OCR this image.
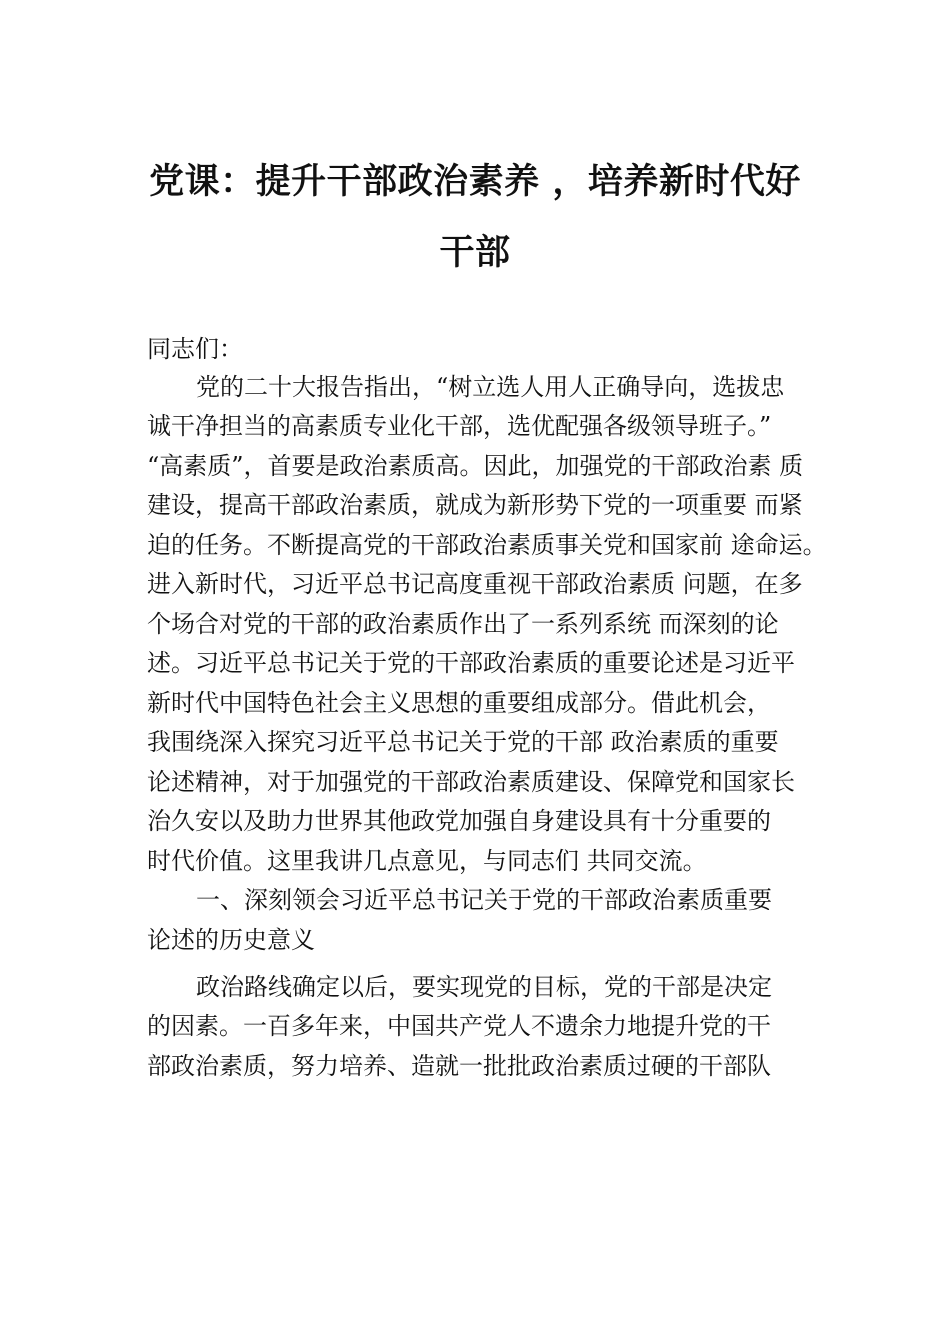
党课：提升干部政治素养 ，培养新时代好
干部
同志们：
党的二十大报告指出，“树立选人用人正确导向，选拔忠
诚干净担当的高素质专业化干部，选优配强各级领导班子。”
“高素质”，首要是政治素质高。因此，加强党的干部政治素 质
建设，提高干部政治素质，就成为新形势下党的一项重要 而紧
迫的任务。不断提高党的干部政治素质事关党和国家前 途命运。
进入新时代，习近平总书记高度重视干部政治素质 问题，在多
个场合对党的干部的政治素质作出了一系列系统 而深刻的论
述。习近平总书记关于党的干部政治素质的重要论述是习近平
新时代中国特色社会主义思想的重要组成部分。借此机会，
我围绕深入探究习近平总书记关于党的干部 政治素质的重要
论述精神，对于加强党的干部政治素质建设、保障党和国家长
治久安以及助力世界其他政党加强自身建设具有十分重要的
时代价值。这里我讲几点意见，与同志们 共同交流。
一、深刻领会习近平总书记关于党的干部政治素质重要
论述的历史意义
政治路线确定以后，要实现党的目标，党的干部是决定
的因素。一百多年来，中国共产党人不遗余力地提升党的干
部政治素质，努力培养、造就一批批政治素质过硬的干部队
